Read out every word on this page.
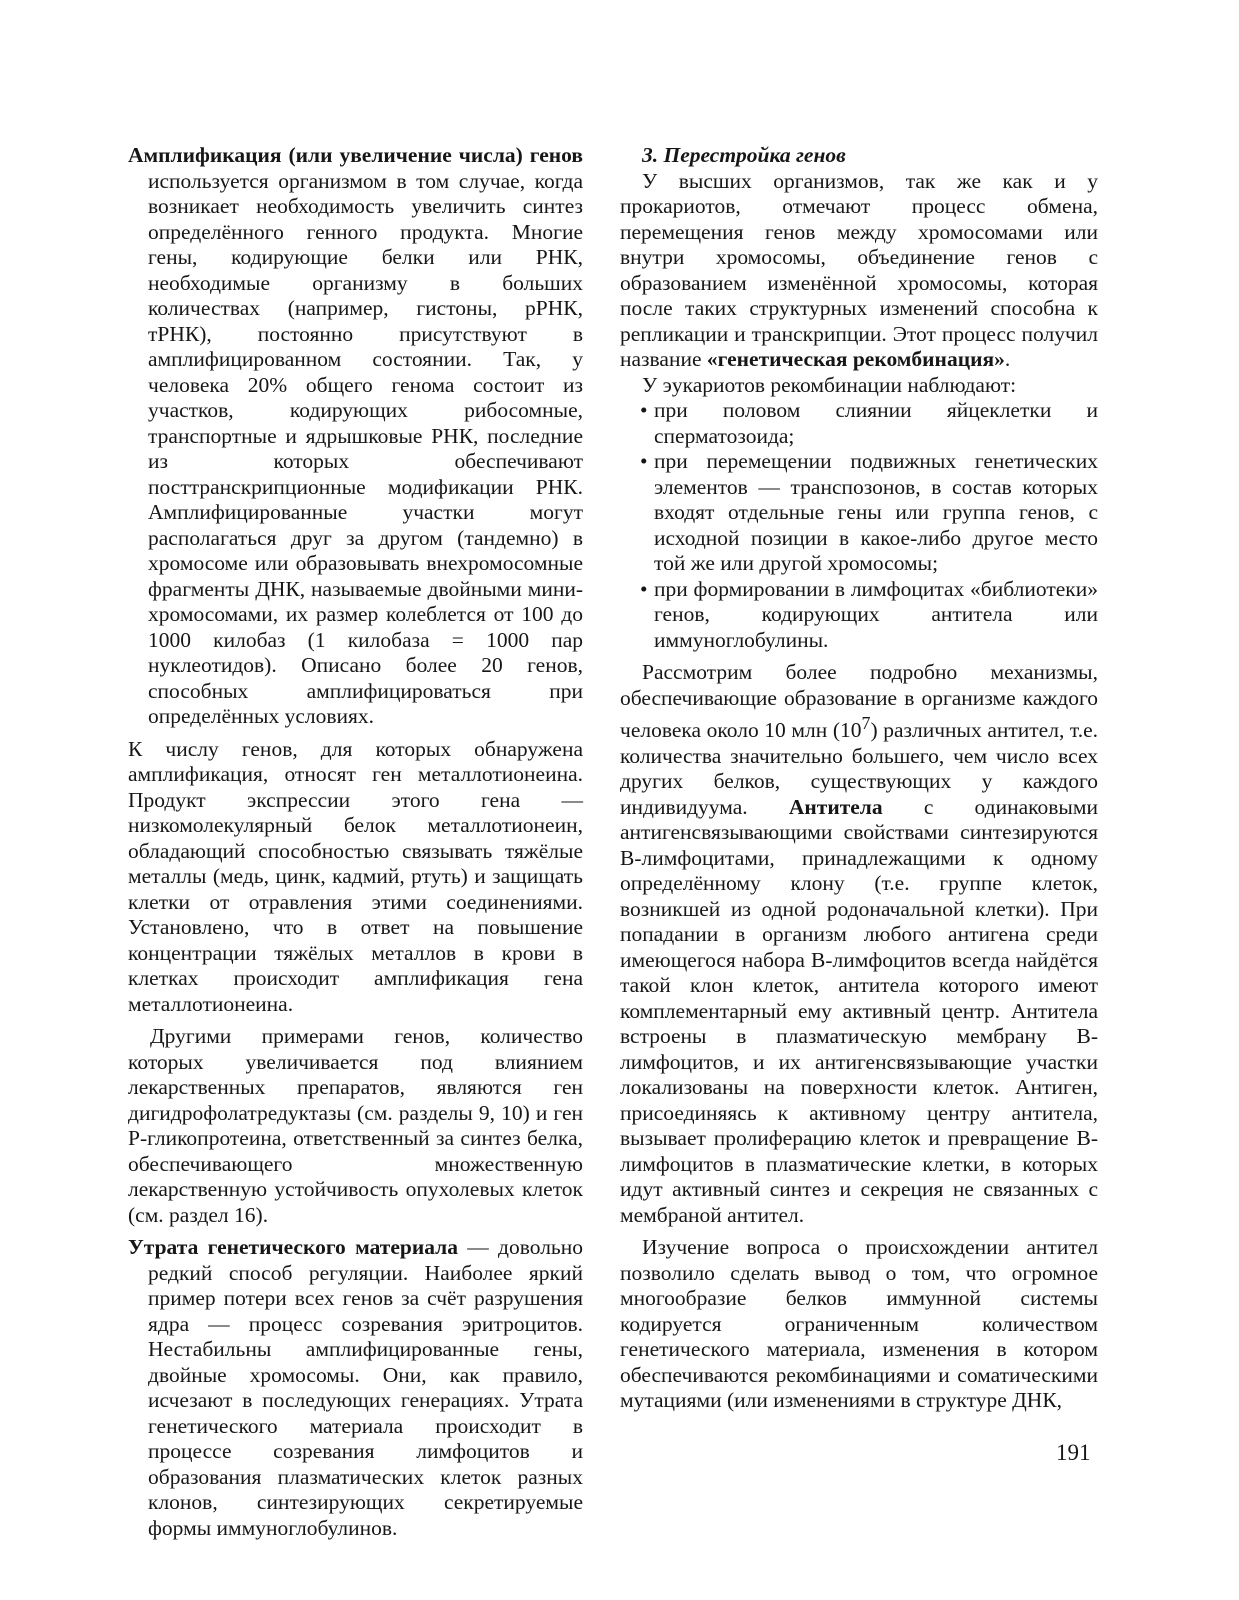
Амплификация (или увеличение числа) генов используется организмом в том случае, когда возникает необходимость увеличить синтез определённого генного продукта. Многие гены, кодирующие белки или РНК, необходимые организму в больших количествах (например, гистоны, рРНК, тРНК), постоянно присутствуют в амплифицированном состоянии. Так, у человека 20% общего генома состоит из участков, кодирующих рибосомные, транспортные и ядрышковые РНК, последние из которых обеспечивают посттранскрипционные модификации РНК. Амплифицированные участки могут располагаться друг за другом (тандемно) в хромосоме или образовывать внехромосомные фрагменты ДНК, называемые двойными мини-хромосомами, их размер колеблется от 100 до 1000 килобаз (1 килобаза = 1000 пар нуклеотидов). Описано более 20 генов, способных амплифицироваться при определённых условиях.

К числу генов, для которых обнаружена амплификация, относят ген металлотионеина. Продукт экспрессии этого гена — низкомолекулярный белок металлотионеин, обладающий способностью связывать тяжёлые металлы (медь, цинк, кадмий, ртуть) и защищать клетки от отравления этими соединениями. Установлено, что в ответ на повышение концентрации тяжёлых металлов в крови в клетках происходит амплификация гена металлотионеина.

Другими примерами генов, количество которых увеличивается под влиянием лекарственных препаратов, являются ген дигидрофолатредуктазы (см. разделы 9, 10) и ген Р-гликопротеина, ответственный за синтез белка, обеспечивающего множественную лекарственную устойчивость опухолевых клеток (см. раздел 16).

Утрата генетического материала — довольно редкий способ регуляции. Наиболее яркий пример потери всех генов за счёт разрушения ядра — процесс созревания эритроцитов. Нестабильны амплифицированные гены, двойные хромосомы. Они, как правило, исчезают в последующих генерациях. Утрата генетического материала происходит в процессе созревания лимфоцитов и образования плазматических клеток разных клонов, синтезирующих секретируемые формы иммуноглобулинов.

3. Перестройка генов

У высших организмов, так же как и у прокариотов, отмечают процесс обмена, перемещения генов между хромосомами или внутри хромосомы, объединение генов с образованием изменённой хромосомы, которая после таких структурных изменений способна к репликации и транскрипции. Этот процесс получил название «генетическая рекомбинация».

У эукариотов рекомбинации наблюдают:

• при половом слиянии яйцеклетки и сперматозоида;
• при перемещении подвижных генетических элементов — транспозонов, в состав которых входят отдельные гены или группа генов, с исходной позиции в какое-либо другое место той же или другой хромосомы;
• при формировании в лимфоцитах «библиотеки» генов, кодирующих антитела или иммуноглобулины.

Рассмотрим более подробно механизмы, обеспечивающие образование в организме каждого человека около 10 млн $(10^7)$ различных антител, т.е. количества значительно большего, чем число всех других белков, существующих у каждого индивидуума. Антитела с одинаковыми антигенсвязывающими свойствами синтезируются В-лимфоцитами, принадлежащими к одному определённому клону (т.е. группе клеток, возникшей из одной родоначальной клетки). При попадании в организм любого антигена среди имеющегося набора В-лимфоцитов всегда найдётся такой клон клеток, антитела которого имеют комплементарный ему активный центр. Антитела встроены в плазматическую мембрану В-лимфоцитов, и их антигенсвязывающие участки локализованы на поверхности клеток. Антиген, присоединяясь к активному центру антитела, вызывает пролиферацию клеток и превращение В-лимфоцитов в плазматические клетки, в которых идут активный синтез и секреция не связанных с мембраной антител.

Изучение вопроса о происхождении антител позволило сделать вывод о том, что огромное многообразие белков иммунной системы кодируется ограниченным количеством генетического материала, изменения в котором обеспечиваются рекомбинациями и соматическими мутациями (или изменениями в структуре ДНК,

191
